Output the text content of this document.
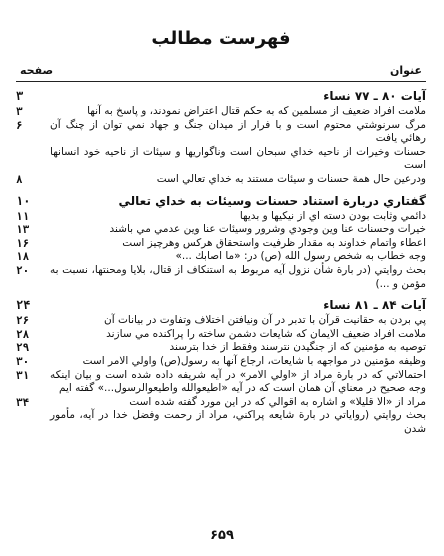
فهرست مطالب
عنوان
صفحه
آيات ۸۰ ـ ۷۷ نساء
۳
ملامت افراد ضعيف از مسلمين كه به حكم قتال اعتراض نمودند، و پاسخ به آنها
۳
مرگ سرنوشتي محتوم است و با فرار از ميدان جنگ و جهاد نمي توان از چنگ آن رهائي يافت
۶
حسنات وخيرات از ناحيه خداي سبحان است وناگواريها و سيئات از ناحيه خود انسانها است
ودرعين حال همة حسنات و سيئات مستند به خداي تعالي است
۸
گفتاري دربارة استناد حسنات وسيئات به خداي تعالي
۱۰
دائمي وثابت بودن دسته اي از نيكيها و بديها
۱۱
خيرات وحسنات عنا وين وجودي وشرور وسيئات عنا وين عدمي مي باشند
۱۳
اعطاء واتمام خداوند به مقدار ظرفيت واستحقاق هركس وهرچيز است
۱۶
وجه خطاب به شخص رسول الله (ص) در: «ما اصابك ...»
۱۸
بحث روايتي (در بارة شأن نزول آيه مربوط به استنكاف از قتال، بلايا ومحنتها، نسبت به مؤمن و ...)
۲۰
آيات ۸۴ ـ ۸۱ نساء
۲۴
پي بردن به حقانيت قرآن با تدبر در آن ونيافتن اختلاف وتفاوت در بيانات آن
۲۶
ملامت افراد ضعيف الايمان كه شايعات دشمن ساخته را پراكنده مي سازند
۲۸
توصيه به مؤمنين كه از جنگيدن نترسند وفقط از خدا بترسند
۲۹
وظيفه مؤمنين در مواجهه با شايعات، ارجاع آنها به رسول(ص) واولي الامر است
۳۰
احتمالاتي كه در بارة مراد از «اولي الامر» در آيه شريفه داده شده است و بيان اينكه وجه صحيح در معناي آن همان است كه در آيه «اطيعوالله واطيعوالرسول...» گفته ايم
۳۱
مراد از «الا قليلا» و اشاره به اقوالي كه در اين مورد گفته شده است
۳۴
بحث روايتي (رواياتي در بارة شايعه پراكني، مراد از رحمت وفضل خدا در آيه، مأمور شدن
۶۵۹
